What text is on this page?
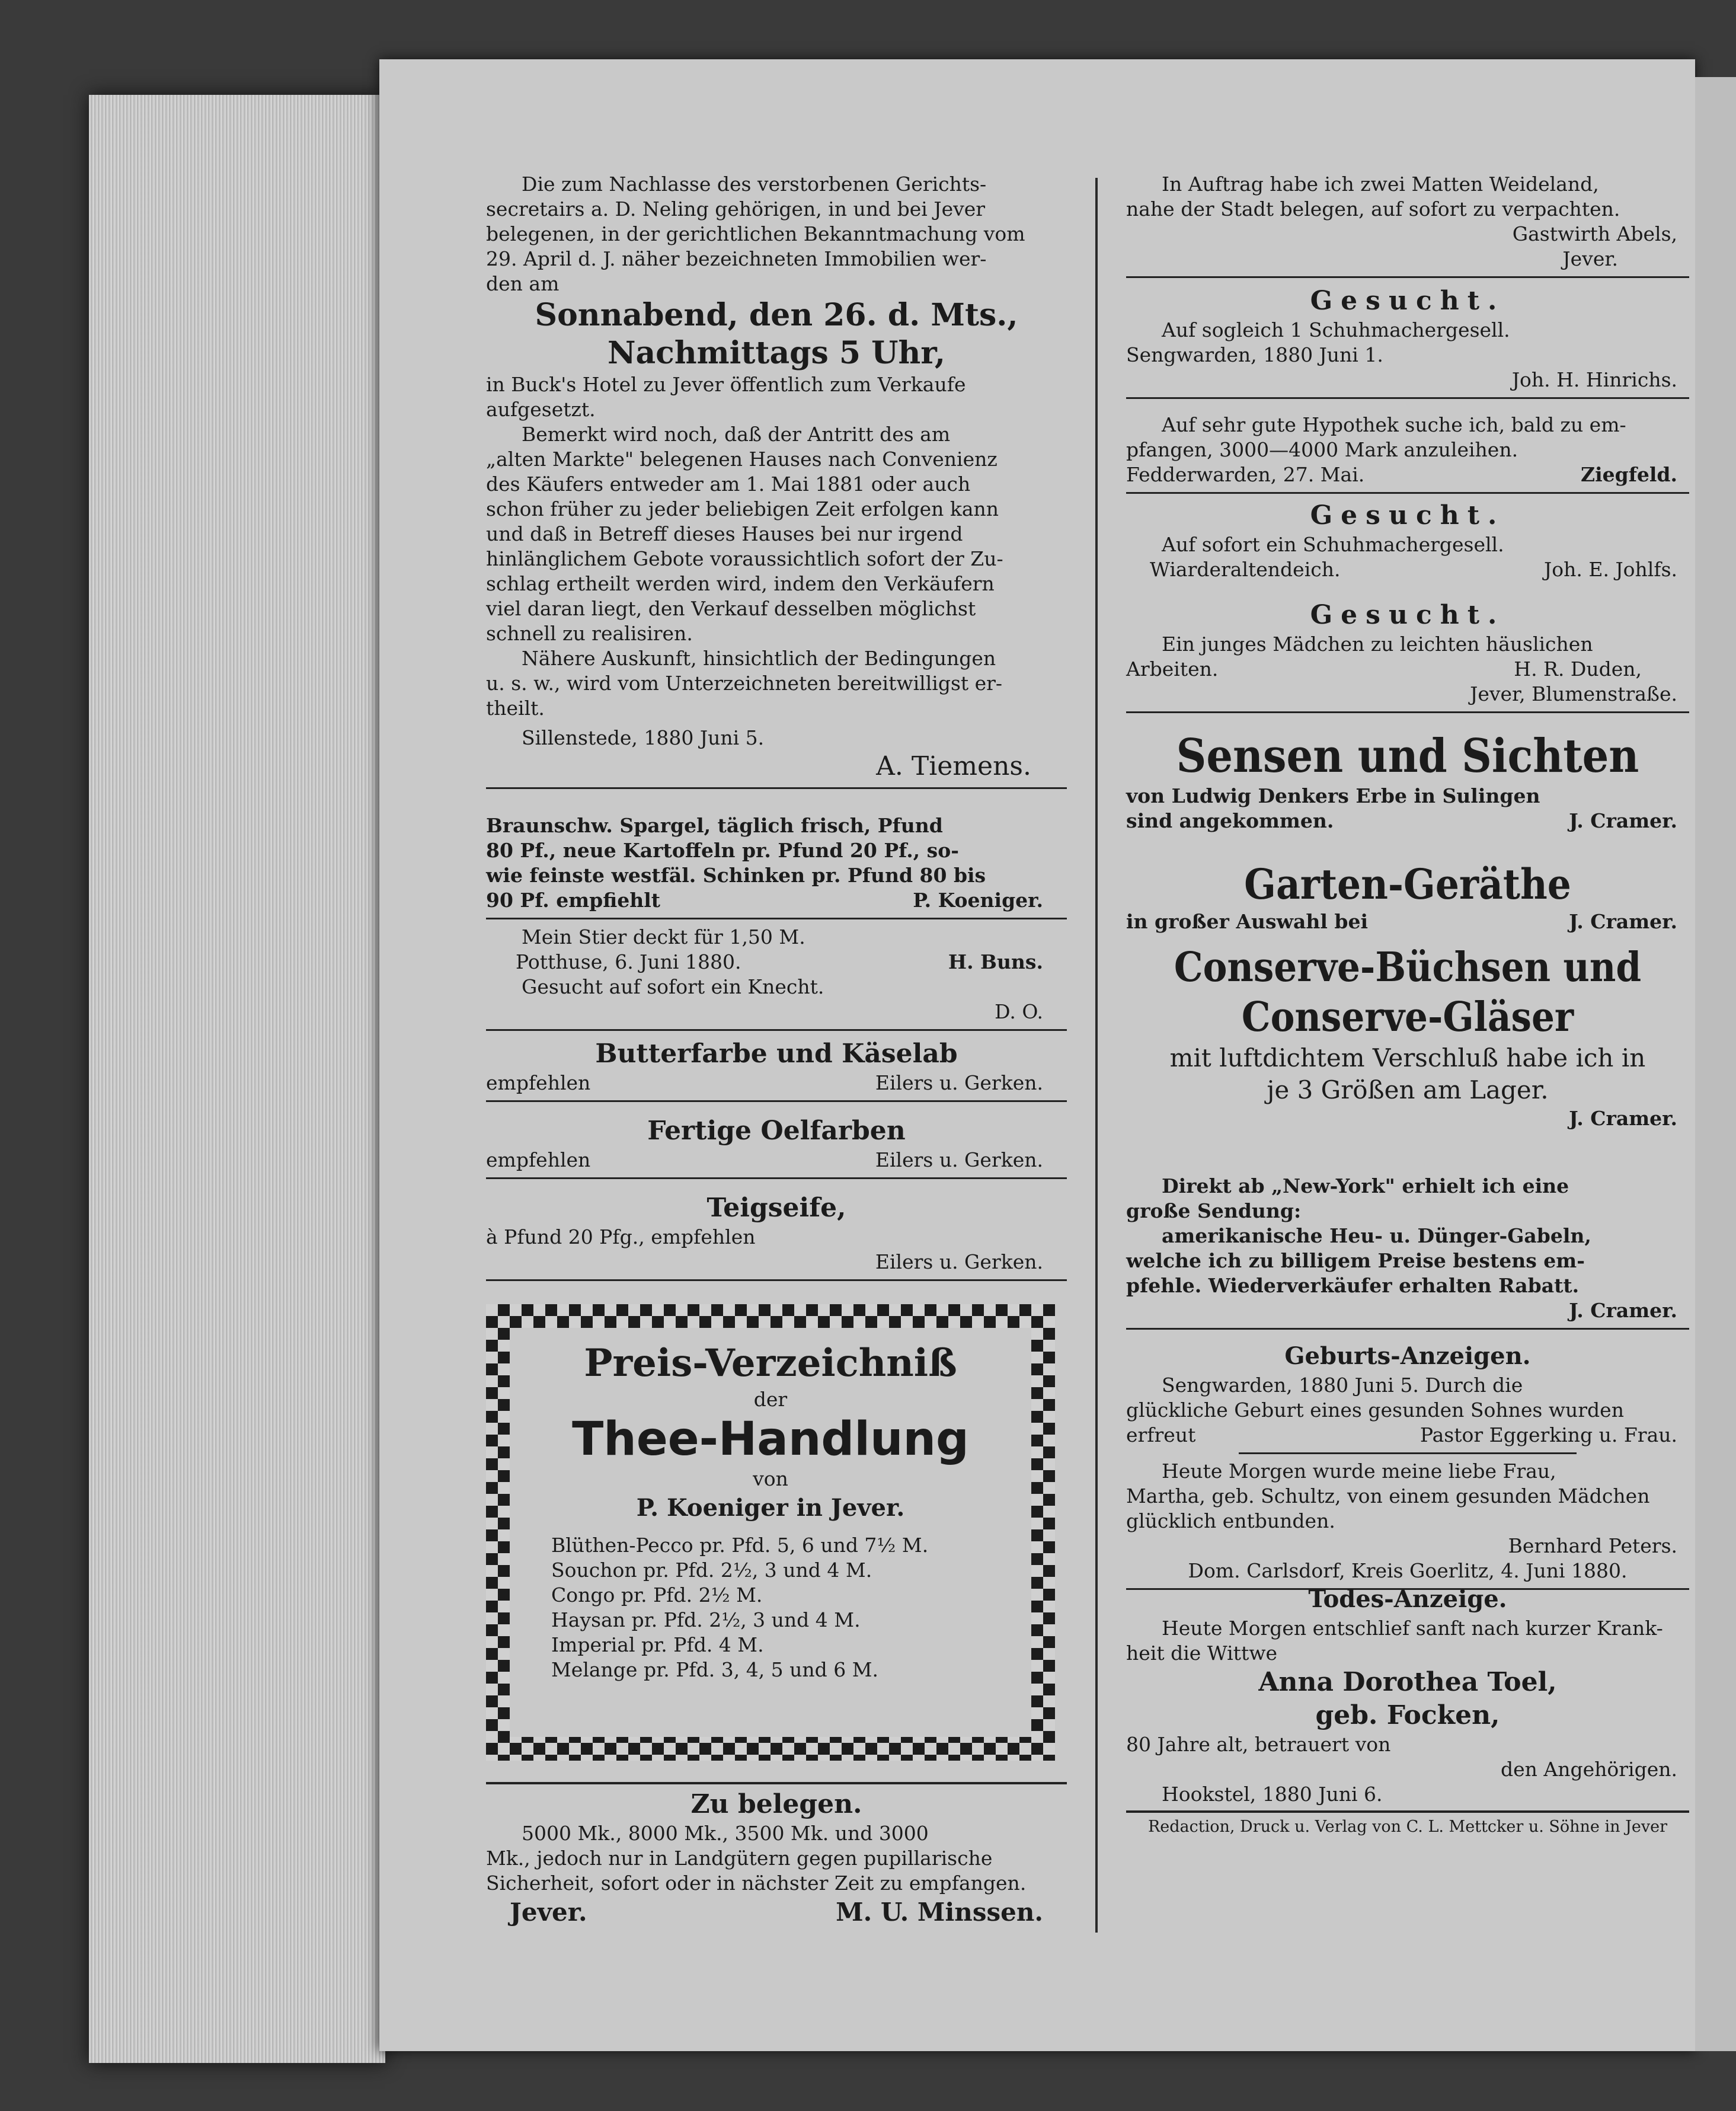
Die zum Nachlasse des verstorbenen Gerichts-

secretairs a. D. Neling gehörigen, in und bei Jever

belegenen, in der gerichtlichen Bekanntmachung vom

29. April d. J. näher bezeichneten Immobilien wer-

den am

Sonnabend, den 26. d. Mts.,

Nachmittags 5 Uhr,

in Buck's Hotel zu Jever öffentlich zum Verkaufe

aufgesetzt.

Bemerkt wird noch, daß der Antritt des am

„alten Markte" belegenen Hauses nach Convenienz

des Käufers entweder am 1. Mai 1881 oder auch

schon früher zu jeder beliebigen Zeit erfolgen kann

und daß in Betreff dieses Hauses bei nur irgend

hinlänglichem Gebote voraussichtlich sofort der Zu-

schlag ertheilt werden wird, indem den Verkäufern

viel daran liegt, den Verkauf desselben möglichst

schnell zu realisiren.

Nähere Auskunft, hinsichtlich der Bedingungen

u. s. w., wird vom Unterzeichneten bereitwilligst er-

theilt.

Sillenstede, 1880 Juni 5.

A. Tiemens.

Braunschw. Spargel, täglich frisch, Pfund

80 Pf., neue Kartoffeln pr. Pfund 20 Pf., so-

wie feinste westfäl. Schinken pr. Pfund 80 bis

90 Pf. empfiehlt	P. Koeniger.

Mein Stier deckt für 1,50 M.

Potthuse, 6. Juni 1880.	H. Buns.

Gesucht auf sofort ein Knecht.

D. O.

Butterfarbe und Käselab

empfehlen	Eilers u. Gerken.

Fertige Oelfarben

empfehlen	Eilers u. Gerken.

Teigseife,

à Pfund 20 Pfg., empfehlen

Eilers u. Gerken.

Preis-Verzeichniß

der

Thee-Handlung

von

P. Koeniger in Jever.

Blüthen-Pecco pr. Pfd. 5, 6 und 7½ M.

Souchon pr. Pfd. 2½, 3 und 4 M.

Congo pr. Pfd. 2½ M.

Haysan pr. Pfd. 2½, 3 und 4 M.

Imperial pr. Pfd. 4 M.

Melange pr. Pfd. 3, 4, 5 und 6 M.

Zu belegen.

5000 Mk., 8000 Mk., 3500 Mk. und 3000

Mk., jedoch nur in Landgütern gegen pupillarische

Sicherheit, sofort oder in nächster Zeit zu empfangen.

Jever.	M. U. Minssen.

In Auftrag habe ich zwei Matten Weideland,

nahe der Stadt belegen, auf sofort zu verpachten.

Gastwirth Abels,

Jever.

Gesucht.

Auf sogleich 1 Schuhmachergesell.

Sengwarden, 1880 Juni 1.

Joh. H. Hinrichs.

Auf sehr gute Hypothek suche ich, bald zu em-

pfangen, 3000—4000 Mark anzuleihen.

Fedderwarden, 27. Mai.	Ziegfeld.

Gesucht.

Auf sofort ein Schuhmachergesell.

Wiarderaltendeich.	Joh. E. Johlfs.

Gesucht.

Ein junges Mädchen zu leichten häuslichen

Arbeiten.	H. R. Duden,

Jever, Blumenstraße.

Sensen und Sichten

von Ludwig Denkers Erbe in Sulingen

sind angekommen.	J. Cramer.

Garten-Geräthe

in großer Auswahl bei	J. Cramer.

Conserve-Büchsen und

Conserve-Gläser

mit luftdichtem Verschluß habe ich in

je 3 Größen am Lager.

J. Cramer.

Direkt ab „New-York" erhielt ich eine

große Sendung:

amerikanische Heu- u. Dünger-Gabeln,

welche ich zu billigem Preise bestens em-

pfehle. Wiederverkäufer erhalten Rabatt.

J. Cramer.

Geburts-Anzeigen.

Sengwarden, 1880 Juni 5. Durch die

glückliche Geburt eines gesunden Sohnes wurden

erfreut	Pastor Eggerking u. Frau.

Heute Morgen wurde meine liebe Frau,

Martha, geb. Schultz, von einem gesunden Mädchen

glücklich entbunden.

Bernhard Peters.

Dom. Carlsdorf, Kreis Goerlitz, 4. Juni 1880.

Todes-Anzeige.

Heute Morgen entschlief sanft nach kurzer Krank-

heit die Wittwe

Anna Dorothea Toel,

geb. Focken,

80 Jahre alt, betrauert von

den Angehörigen.

Hookstel, 1880 Juni 6.

Redaction, Druck u. Verlag von C. L. Mettcker u. Söhne in Jever
